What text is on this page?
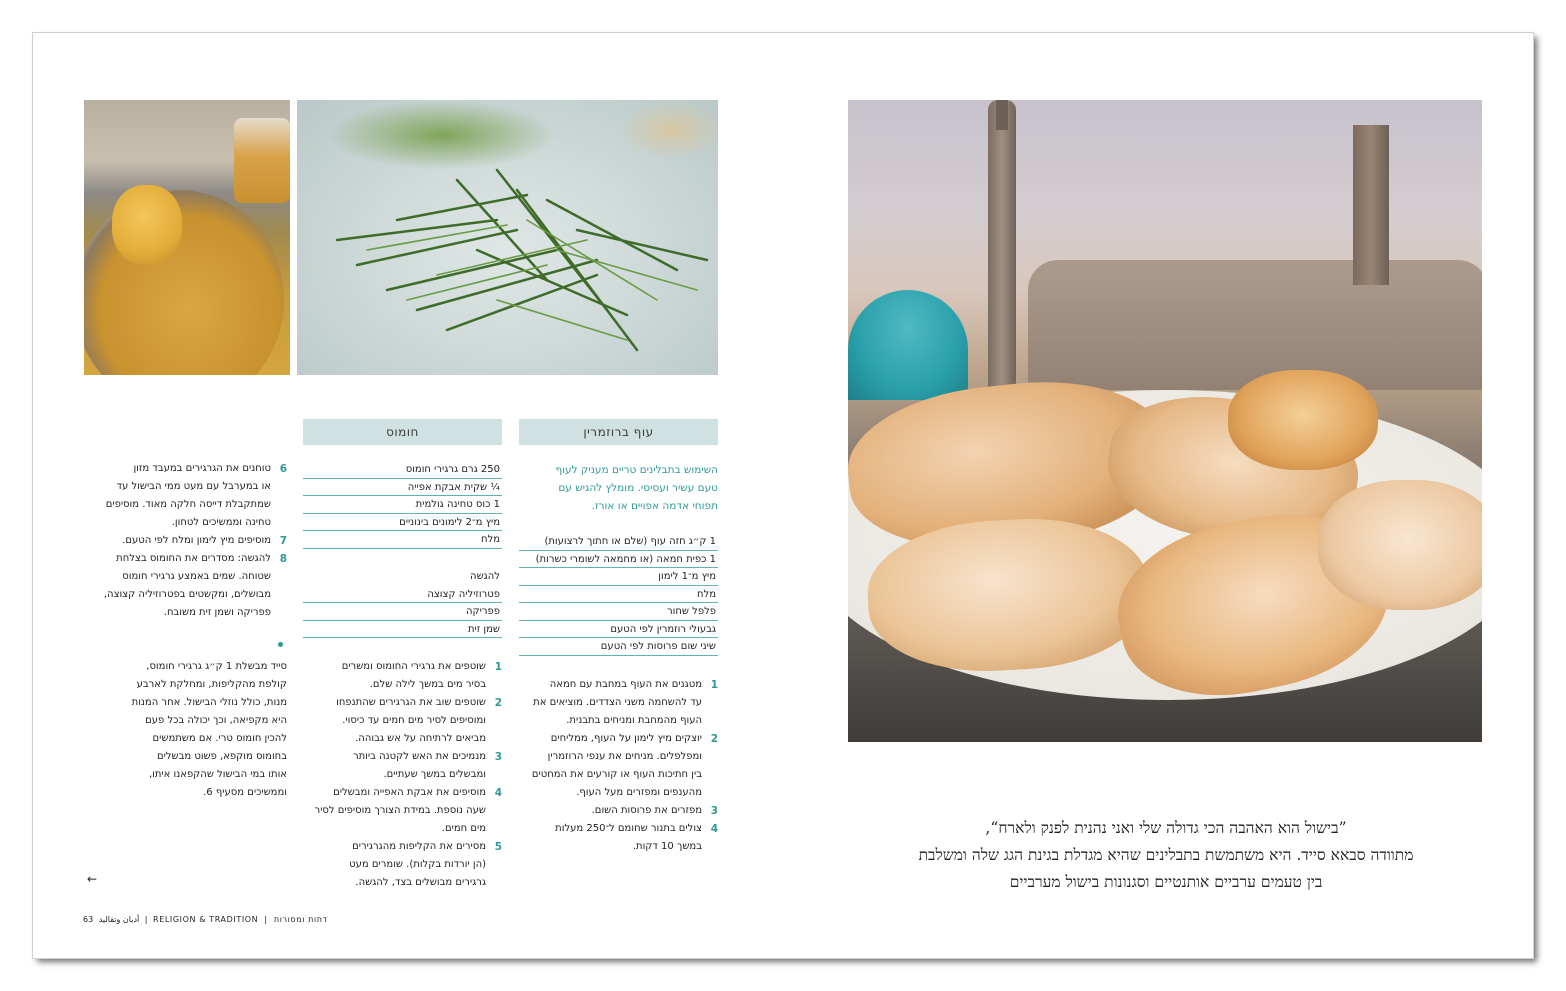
עוף ברוזמרין
חומוס
השימוש בתבלינים טריים מעניק לעוף
טעם עשיר ועסיסי. מומלץ להגיש עם
תפוחי אדמה אפויים או אורז.
1 ק״ג חזה עוף (שלם או חתוך לרצועות)
1 כפית חמאה (או מחמאה לשומרי כשרות)
מיץ מ־1 לימון
מלח
פלפל שחור
גבעולי רוזמרין לפי הטעם
שיני שום פרוסות לפי הטעם
250 גרם גרגירי חומוס
¼ שקית אבקת אפייה
1 כוס טחינה גולמית
מיץ מ־2 לימונים בינוניים
מלח
להגשה
פטרוזיליה קצוצה
פפריקה
שמן זית
1
מטגנים את העוף במחבת עם חמאה
עד להשחמה משני הצדדים. מוציאים את
העוף מהמחבת ומניחים בתבנית.
2
יוצקים מיץ לימון על העוף, ממליחים
ומפלפלים. מניחים את ענפי הרוזמרין
בין חתיכות העוף או קורעים את המחטים
מהענפים ומפזרים מעל העוף.
3
מפזרים את פרוסות השום.
4
צולים בתנור שחומם ל־250 מעלות
במשך 10 דקות.
1
שוטפים את גרגירי החומוס ומשרים
בסיר מים במשך לילה שלם.
2
שוטפים שוב את הגרגירים שהתנפחו
ומוסיפים לסיר מים חמים עד כיסוי.
מביאים לרתיחה על אש גבוהה.
3
מנמיכים את האש לקטנה ביותר
ומבשלים במשך שעתיים.
4
מוסיפים את אבקת האפייה ומבשלים
שעה נוספת. במידת הצורך מוסיפים לסיר
מים חמים.
5
מסירים את הקליפות מהגרגירים
(הן יורדות בקלות). שומרים מעט
גרגירים מבושלים בצד, להגשה.
6
טוחנים את הגרגירים במעבד מזון
או במערבל עם מעט ממי הבישול עד
שמתקבלת דייסה חלקה מאוד. מוסיפים
טחינה וממשיכים לטחון.
7
מוסיפים מיץ לימון ומלח לפי הטעם.
8
להגשה: מסדרים את החומוס בצלחת
שטוחה. שמים באמצע גרגירי חומוס
מבושלים, ומקשטים בפטרוזיליה קצוצה,
פפריקה ושמן זית משובח.
סייד מבשלת 1 ק״ג גרגירי חומוס,
קולפת מהקליפות, ומחלקת לארבע
מנות, כולל נוזלי הבישול. אחר המנות
היא מקפיאה, וכך יכולה בכל פעם
להכין חומוס טרי. אם משתמשים
בחומוס מוקפא, פשוט מבשלים
אותו במי הבישול שהקפאנו איתו,
וממשיכים מסעיף 6.
←
63 أديان وتقاليد | RELIGION & TRADITION | דתות ומסורות
”בישול הוא האהבה הכי גדולה שלי ואני נהנית לפנק ולארח“,
מתוודה סבאא סייד. היא משתמשת בתבלינים שהיא מגדלת בגינת הגג שלה ומשלבת
בין טעמים ערביים אותנטיים וסגנונות בישול מערביים
